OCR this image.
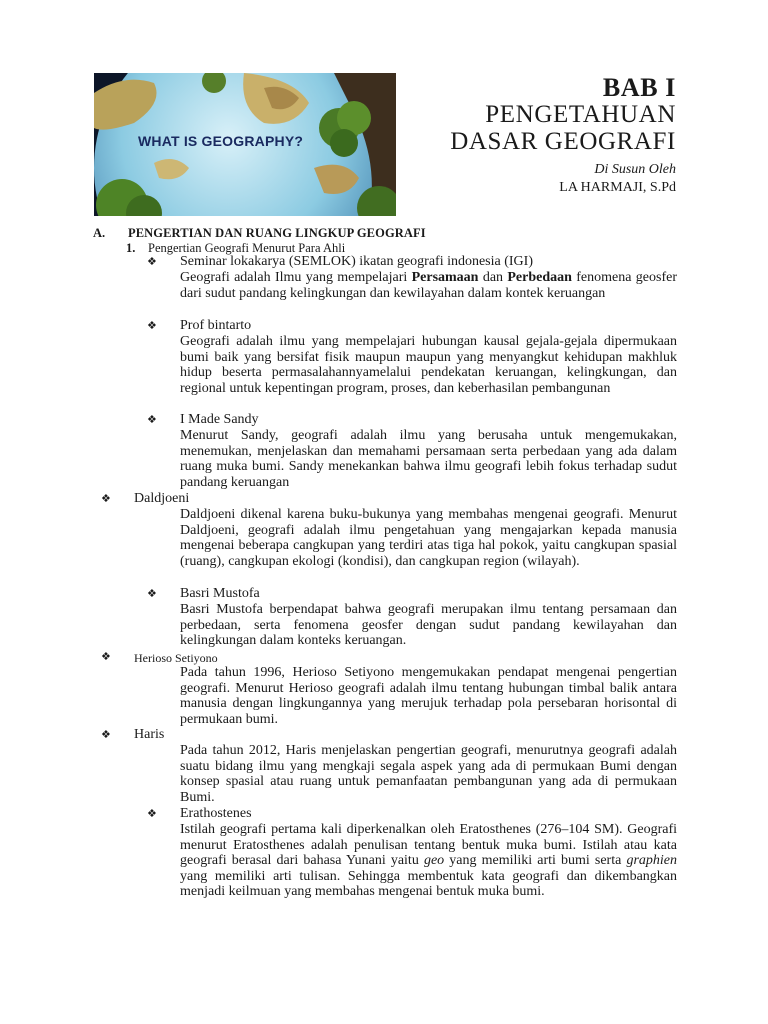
WHAT IS GEOGRAPHY?
BAB I
PENGETAHUAN
DASAR GEOGRAFI
Di Susun Oleh
LA HARMAJI, S.Pd
A. PENGERTIAN DAN RUANG LINGKUP GEOGRAFI
1. Pengertian Geografi Menurut Para Ahli
❖ Seminar lokakarya (SEMLOK) ikatan geografi indonesia (IGI)
Geografi adalah Ilmu yang mempelajari Persamaan dan Perbedaan fenomena geosfer dari sudut pandang kelingkungan dan kewilayahan dalam kontek keruangan
❖ Prof bintarto
Geografi adalah ilmu yang mempelajari hubungan kausal gejala-gejala dipermukaan bumi baik yang bersifat fisik maupun maupun yang menyangkut kehidupan makhluk hidup beserta permasalahannyamelalui pendekatan keruangan, kelingkungan, dan regional untuk kepentingan program, proses, dan keberhasilan pembangunan
❖ I Made Sandy
Menurut Sandy, geografi adalah ilmu yang berusaha untuk mengemukakan, menemukan, menjelaskan dan memahami persamaan serta perbedaan yang ada dalam ruang muka bumi. Sandy menekankan bahwa ilmu geografi lebih fokus terhadap sudut pandang keruangan
❖ Daldjoeni
Daldjoeni dikenal karena buku-bukunya yang membahas mengenai geografi. Menurut Daldjoeni, geografi adalah ilmu pengetahuan yang mengajarkan kepada manusia mengenai beberapa cangkupan yang terdiri atas tiga hal pokok, yaitu cangkupan spasial (ruang), cangkupan ekologi (kondisi), dan cangkupan region (wilayah).
❖ Basri Mustofa
Basri Mustofa berpendapat bahwa geografi merupakan ilmu tentang persamaan dan perbedaan, serta fenomena geosfer dengan sudut pandang kewilayahan dan kelingkungan dalam konteks keruangan.
❖ Herioso Setiyono
Pada tahun 1996, Herioso Setiyono mengemukakan pendapat mengenai pengertian geografi. Menurut Herioso geografi adalah ilmu tentang hubungan timbal balik antara manusia dengan lingkungannya yang merujuk terhadap pola persebaran horisontal di permukaan bumi.
❖ Haris
Pada tahun 2012, Haris menjelaskan pengertian geografi, menurutnya geografi adalah suatu bidang ilmu yang mengkaji segala aspek yang ada di permukaan Bumi dengan konsep spasial atau ruang untuk pemanfaatan pembangunan yang ada di permukaan Bumi.
❖ Erathostenes
Istilah geografi pertama kali diperkenalkan oleh Eratosthenes (276–104 SM). Geografi menurut Eratosthenes adalah penulisan tentang bentuk muka bumi. Istilah atau kata geografi berasal dari bahasa Yunani yaitu geo yang memiliki arti bumi serta graphien yang memiliki arti tulisan. Sehingga membentuk kata geografi dan dikembangkan menjadi keilmuan yang membahas mengenai bentuk muka bumi.
